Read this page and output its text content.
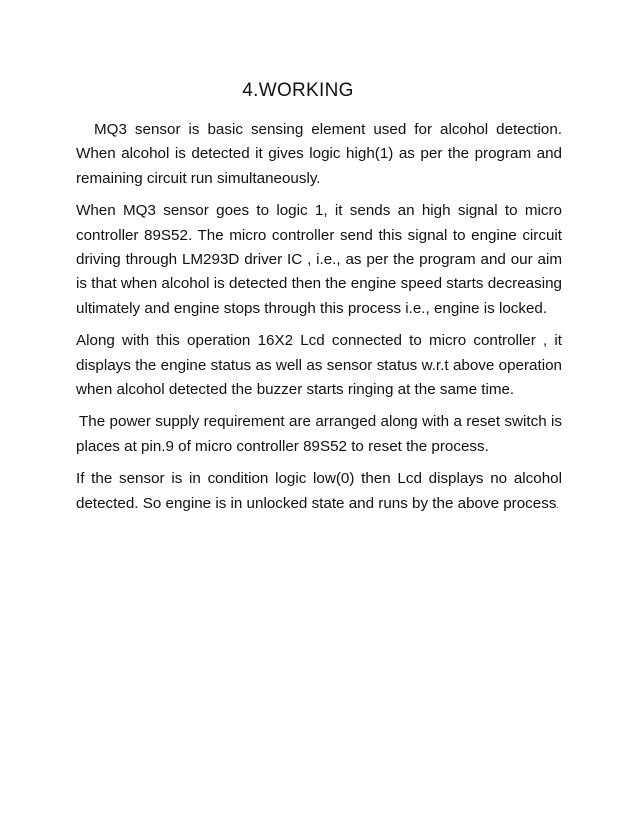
4.WORKING

MQ3 sensor is basic sensing element used for alcohol detection. When alcohol is detected it gives logic high(1) as per the program and remaining circuit run simultaneously.

When MQ3 sensor goes to logic 1, it sends an high signal to micro controller 89S52. The micro controller send this signal to engine circuit driving through LM293D driver IC , i.e., as per the program and our aim is that when alcohol is detected then the engine speed starts decreasing ultimately and engine stops through this process i.e., engine is locked.

Along with this operation 16X2 Lcd connected to micro controller , it displays the engine status as well as sensor status w.r.t above operation when alcohol detected the buzzer starts ringing at the same time.

The power supply requirement are arranged along with a reset switch is places at pin.9 of micro controller 89S52 to reset the process.

If the sensor is in condition logic low(0) then Lcd displays no alcohol detected. So engine is in unlocked state and runs by the above process.
